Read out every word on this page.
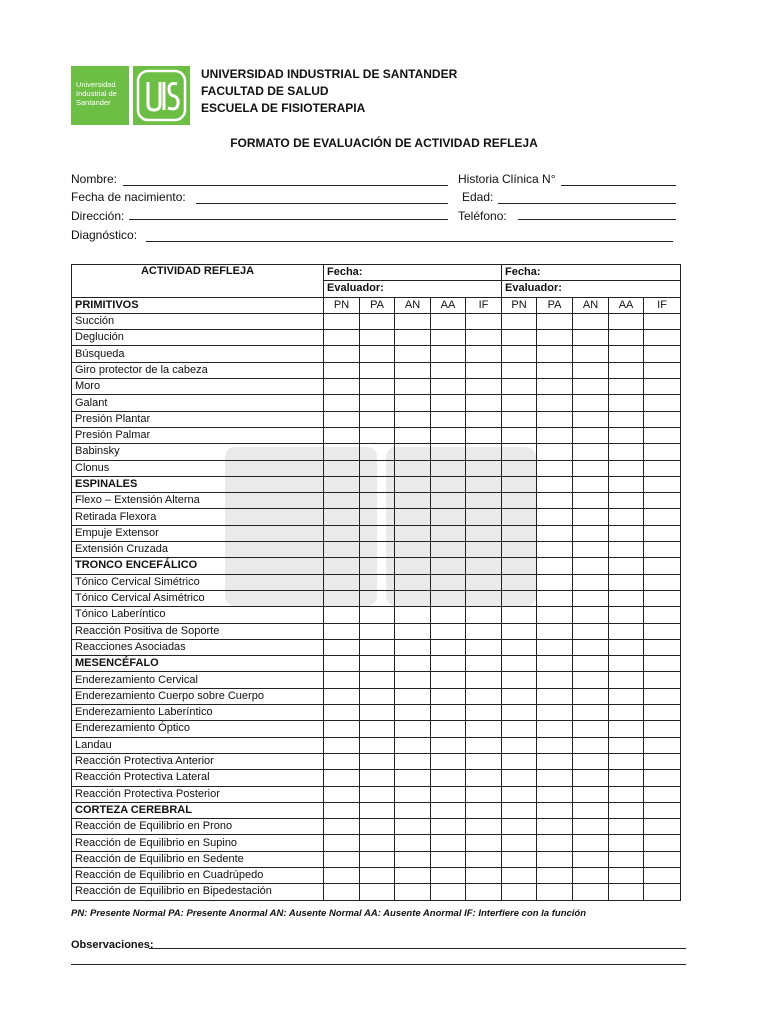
Universidad
Industrial de
Santander
UNIVERSIDAD INDUSTRIAL DE SANTANDER
FACULTAD DE SALUD
ESCUELA DE FISIOTERAPIA
FORMATO DE EVALUACIÓN DE ACTIVIDAD REFLEJA
Nombre:	Historia Clínica N°
Fecha de nacimiento:	Edad:
Dirección:	Teléfono:
Diagnóstico:
ACTIVIDAD REFLEJA	Fecha:					Fecha:				
	Evaluador:					Evaluador:				
PRIMITIVOS	PN	PA	AN	AA	IF	PN	PA	AN	AA	IF
Succión										
Deglución										
Búsqueda										
Giro protector de la cabeza										
Moro										
Galant										
Presión Plantar										
Presión Palmar										
Babinsky										
Clonus										
ESPINALES										
Flexo – Extensión Alterna										
Retirada Flexora										
Empuje Extensor										
Extensión Cruzada										
TRONCO ENCEFÁLICO										
Tónico Cervical Simétrico										
Tónico Cervical Asimétrico										
Tónico Laberíntico										
Reacción Positiva de Soporte										
Reacciones Asociadas										
MESENCÉFALO										
Enderezamiento Cervical										
Enderezamiento Cuerpo sobre Cuerpo										
Enderezamiento Laberíntico										
Enderezamiento Óptico										
Landau										
Reacción Protectiva Anterior										
Reacción Protectiva Lateral										
Reacción Protectiva Posterior										
CORTEZA CEREBRAL										
Reacción de Equilibrio en Prono										
Reacción de Equilibrio en Supino										
Reacción de Equilibrio en Sedente										
Reacción de Equilibrio en Cuadrúpedo										
Reacción de Equilibrio en Bipedestación										
PN: Presente Normal PA: Presente Anormal AN: Ausente Normal AA: Ausente Anormal IF: Interfiere con la función
Observaciones:
